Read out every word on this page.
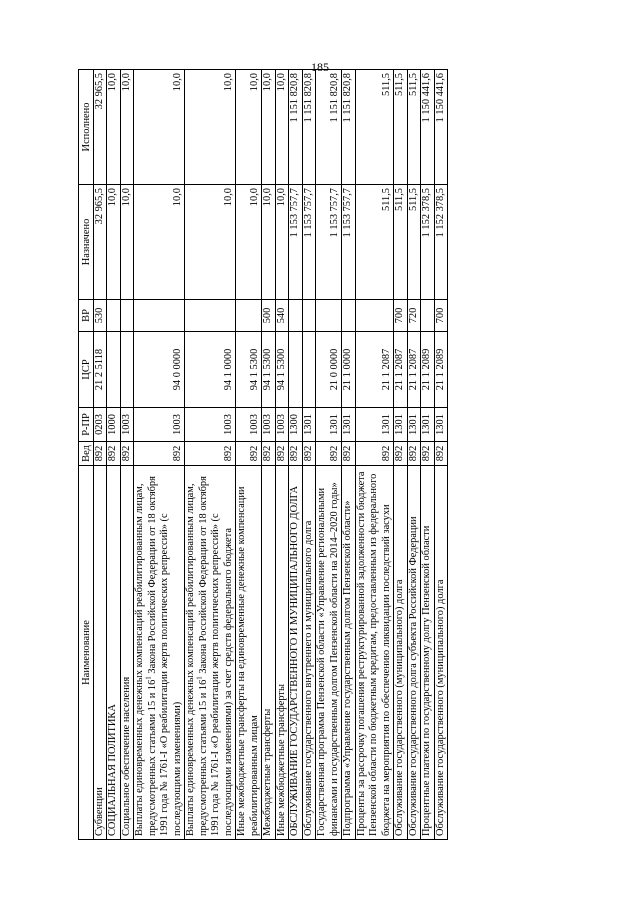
185
Наименование	Вед	Р-ПР	ЦСР	ВР	Назначено	Исполнено
Субвенции	892	0203	21 2 5118	530	32 965,5	32 965,5
СОЦИАЛЬНАЯ ПОЛИТИКА	892	1000			10,0	10,0
Социальное обеспечение населения	892	1003			10,0	10,0
Выплаты единовременных денежных компенсаций реабилитированным лицам, предусмотренных статьями 15 и $16^1$ Закона Российской Федерации от 18 октября 1991 года № 1761-I «О реабилитации жертв политических репрессий» (с последующими изменениями)	892	1003	94 0 0000		10,0	10,0
Выплаты единовременных денежных компенсаций реабилитированным лицам, предусмотренных статьями 15 и $16^1$ Закона Российской Федерации от 18 октября 1991 года № 1761-I «О реабилитации жертв политических репрессий» (с последующими изменениями) за счет средств федерального бюджета	892	1003	94 1 0000		10,0	10,0
Иные межбюджетные трансферты на единовременные денежные компенсации реабилитированным лицам	892	1003	94 1 5300		10,0	10,0
Межбюджетные трансферты	892	1003	94 1 5300	500	10,0	10,0
Иные межбюджетные трансферты	892	1003	94 1 5300	540	10,0	10,0
ОБСЛУЖИВАНИЕ ГОСУДАРСТВЕННОГО И МУНИЦИПАЛЬНОГО ДОЛГА	892	1300			1 153 757,7	1 151 820,8
Обслуживание государственного внутреннего и муниципального долга	892	1301			1 153 757,7	1 151 820,8
Государственная программа Пензенской области «Управление региональными финансами и государственным долгом Пензенской области на 2014–2020 годы»	892	1301	21 0 0000		1 153 757,7	1 151 820,8
Подпрограмма «Управление государственным долгом Пензенской области»	892	1301	21 1 0000		1 153 757,7	1 151 820,8
Проценты за рассрочку погашения реструктурированной задолженности бюджета Пензенской области по бюджетным кредитам, предоставленным из федерального бюджета на мероприятия по обеспечению ликвидации последствий засухи	892	1301	21 1 2087		511,5	511,5
Обслуживание государственного (муниципального) долга	892	1301	21 1 2087	700	511,5	511,5
Обслуживание государственного долга субъекта Российской Федерации	892	1301	21 1 2087	720	511,5	511,5
Процентные платежи по государственному долгу Пензенской области	892	1301	21 1 2089		1 152 378,5	1 150 441,6
Обслуживание государственного (муниципального) долга	892	1301	21 1 2089	700	1 152 378,5	1 150 441,6
